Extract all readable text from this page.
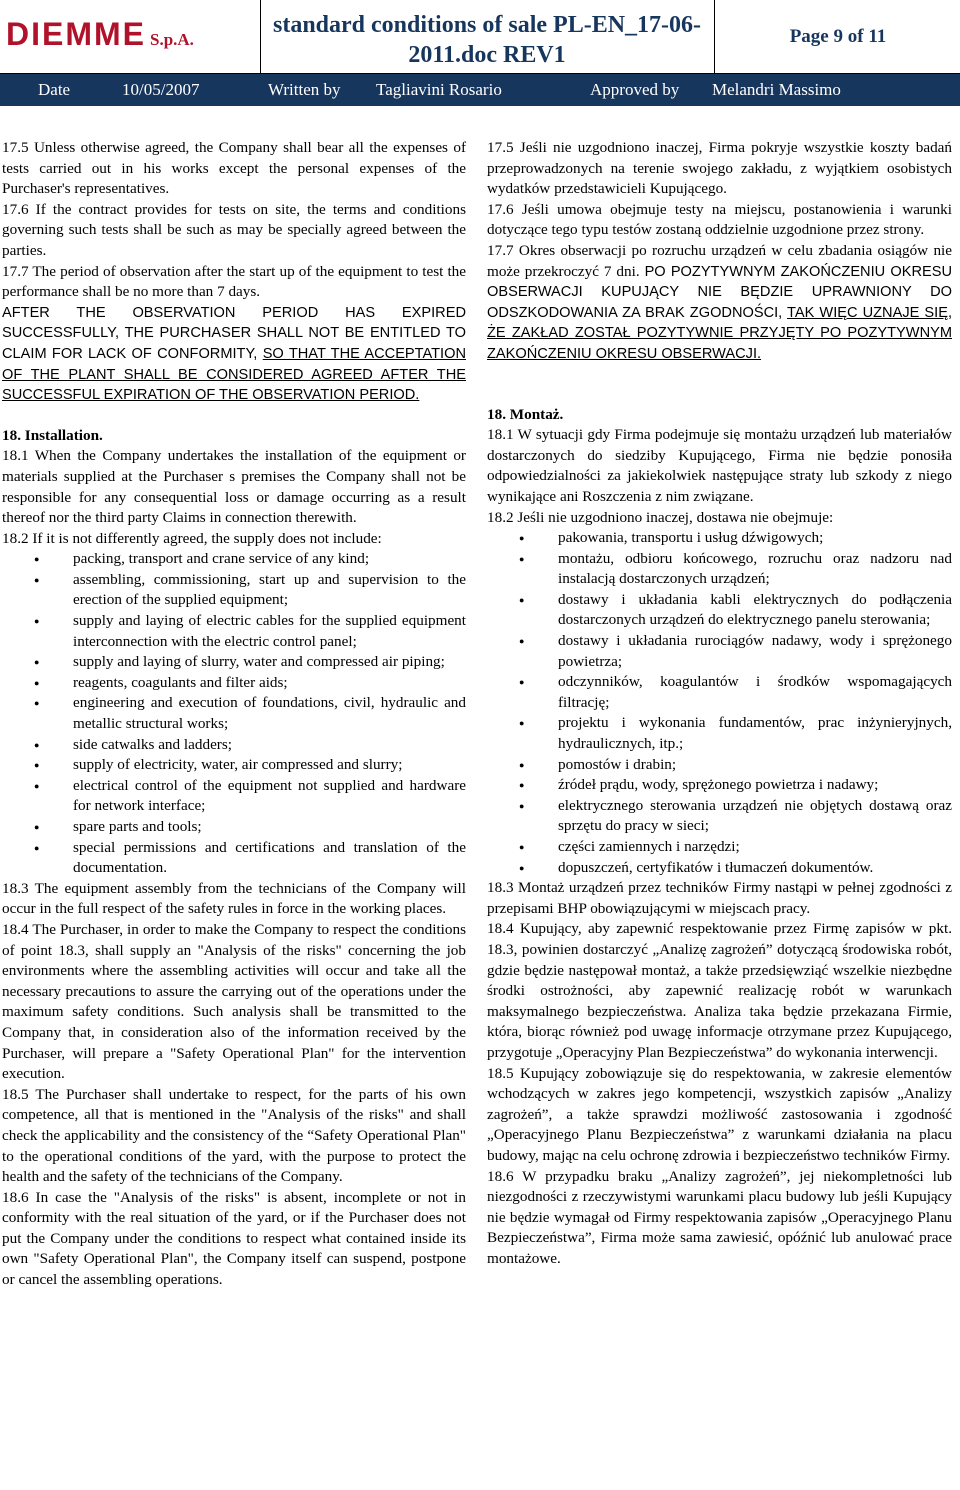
DIEMME S.p.A.
standard conditions of sale PL-EN_17-06-
2011.doc REV1
Page 9 of 11
Date	10/05/2007	Written by Tagliavini Rosario	Approved by Melandri Massimo

17.5 Unless otherwise agreed, the Company shall bear all the expenses of tests carried out in his works except the personal expenses of the Purchaser's representatives.

17.6 If the contract provides for tests on site, the terms and conditions governing such tests shall be such as may be specially agreed between the parties.

17.7 The period of observation after the start up of the equipment to test the performance shall be no more than 7 days.

AFTER THE OBSERVATION PERIOD HAS EXPIRED SUCCESSFULLY, THE PURCHASER SHALL NOT BE ENTITLED TO CLAIM FOR LACK OF CONFORMITY, SO THAT THE ACCEPTATION OF THE PLANT SHALL BE CONSIDERED AGREED AFTER THE SUCCESSFUL EXPIRATION OF THE OBSERVATION PERIOD.

18. Installation.

18.1 When the Company undertakes the installation of the equipment or materials supplied at the Purchaser s premises the Company shall not be responsible for any consequential loss or damage occurring as a result thereof nor the third party Claims in connection therewith.

18.2 If it is not differently agreed, the supply does not include:

● packing, transport and crane service of any kind;
● assembling, commissioning, start up and supervision to the erection of the supplied equipment;
● supply and laying of electric cables for the supplied equipment interconnection with the electric control panel;
● supply and laying of slurry, water and compressed air piping;
● reagents, coagulants and filter aids;
● engineering and execution of foundations, civil, hydraulic and metallic structural works;
● side catwalks and ladders;
● supply of electricity, water, air compressed and slurry;
● electrical control of the equipment not supplied and hardware for network interface;
● spare parts and tools;
● special permissions and certifications and translation of the documentation.

18.3 The equipment assembly from the technicians of the Company will occur in the full respect of the safety rules in force in the working places.

18.4 The Purchaser, in order to make the Company to respect the conditions of point 18.3, shall supply an "Analysis of the risks" concerning the job environments where the assembling activities will occur and take all the necessary precautions to assure the carrying out of the operations under the maximum safety conditions. Such analysis shall be transmitted to the Company that, in consideration also of the information received by the Purchaser, will prepare a "Safety Operational Plan" for the intervention execution.

18.5 The Purchaser shall undertake to respect, for the parts of his own competence, all that is mentioned in the "Analysis of the risks" and shall check the applicability and the consistency of the “Safety Operational Plan" to the operational conditions of the yard, with the purpose to protect the health and the safety of the technicians of the Company.

18.6 In case the "Analysis of the risks" is absent, incomplete or not in conformity with the real situation of the yard, or if the Purchaser does not put the Company under the conditions to respect what contained inside its own "Safety Operational Plan", the Company itself can suspend, postpone or cancel the assembling operations.

17.5 Jeśli nie uzgodniono inaczej, Firma pokryje wszystkie koszty badań przeprowadzonych na terenie swojego zakładu, z wyjątkiem osobistych wydatków przedstawicieli Kupującego.

17.6 Jeśli umowa obejmuje testy na miejscu, postanowienia i warunki dotyczące tego typu testów zostaną oddzielnie uzgodnione przez strony.

17.7 Okres obserwacji po rozruchu urządzeń w celu zbadania osiągów nie może przekroczyć 7 dni. PO POZYTYWNYM ZAKOŃCZENIU OKRESU OBSERWACJI KUPUJĄCY NIE BĘDZIE UPRAWNIONY DO ODSZKODOWANIA ZA BRAK ZGODNOŚCI, TAK WIĘC UZNAJE SIĘ, ŻE ZAKŁAD ZOSTAŁ POZYTYWNIE PRZYJĘTY PO POZYTYWNYM ZAKOŃCZENIU OKRESU OBSERWACJI.

18. Montaż.

18.1 W sytuacji gdy Firma podejmuje się montażu urządzeń lub materiałów dostarczonych do siedziby Kupującego, Firma nie będzie ponosiła odpowiedzialności za jakiekolwiek następujące straty lub szkody z niego wynikające ani Roszczenia z nim związane.

18.2 Jeśli nie uzgodniono inaczej, dostawa nie obejmuje:

● pakowania, transportu i usług dźwigowych;
● montażu, odbioru końcowego, rozruchu oraz nadzoru nad instalacją dostarczonych urządzeń;
● dostawy i układania kabli elektrycznych do podłączenia dostarczonych urządzeń do elektrycznego panelu sterowania;
● dostawy i układania rurociągów nadawy, wody i sprężonego powietrza;
● odczynników, koagulantów i środków wspomagających filtrację;
● projektu i wykonania fundamentów, prac inżynieryjnych, hydraulicznych, itp.;
● pomostów i drabin;
● źródeł prądu, wody, sprężonego powietrza i nadawy;
● elektrycznego sterowania urządzeń nie objętych dostawą oraz sprzętu do pracy w sieci;
● części zamiennych i narzędzi;
● dopuszczeń, certyfikatów i tłumaczeń dokumentów.

18.3 Montaż urządzeń przez techników Firmy nastąpi w pełnej zgodności z przepisami BHP obowiązującymi w miejscach pracy.

18.4 Kupujący, aby zapewnić respektowanie przez Firmę zapisów w pkt. 18.3, powinien dostarczyć „Analizę zagrożeń” dotyczącą środowiska robót, gdzie będzie następował montaż, a także przedsięwziąć wszelkie niezbędne środki ostrożności, aby zapewnić realizację robót w warunkach maksymalnego bezpieczeństwa. Analiza taka będzie przekazana Firmie, która, biorąc również pod uwagę informacje otrzymane przez Kupującego, przygotuje „Operacyjny Plan Bezpieczeństwa” do wykonania interwencji.

18.5 Kupujący zobowiązuje się do respektowania, w zakresie elementów wchodzących w zakres jego kompetencji, wszystkich zapisów „Analizy zagrożeń”, a także sprawdzi możliwość zastosowania i zgodność „Operacyjnego Planu Bezpieczeństwa” z warunkami działania na placu budowy, mając na celu ochronę zdrowia i bezpieczeństwo techników Firmy.

18.6 W przypadku braku „Analizy zagrożeń”, jej niekompletności lub niezgodności z rzeczywistymi warunkami placu budowy lub jeśli Kupujący nie będzie wymagał od Firmy respektowania zapisów „Operacyjnego Planu Bezpieczeństwa”, Firma może sama zawiesić, opóźnić lub anulować prace montażowe.
